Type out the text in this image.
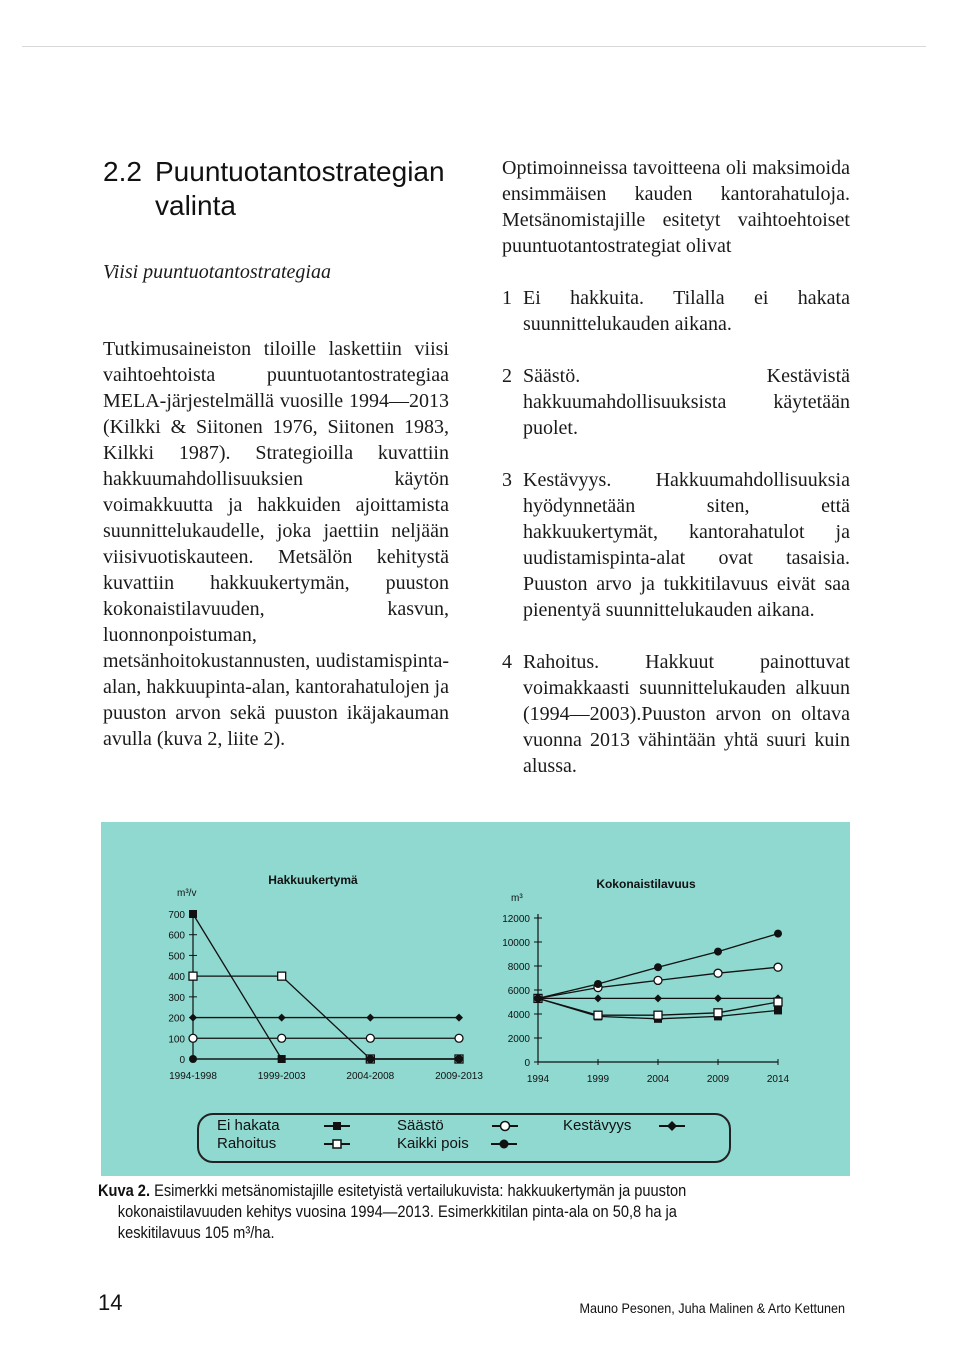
2.2 Puuntuotantostrategian
valinta

Viisi puuntuotantostrategiaa

Tutkimusaineiston tiloille laskettiin viisi vaihtoehtoista puuntuotantostrategiaa MELA-järjestelmällä vuosille 1994—2013 (Kilkki & Siitonen 1976, Siitonen 1983, Kilkki 1987). Strategioilla kuvattiin hakkuumahdollisuuksien käytön voimakkuutta ja hakkuiden ajoittamista suunnittelukaudelle, joka jaettiin neljään viisivuotiskauteen. Metsälön kehitystä kuvattiin hakkuukertymän, puuston kokonaistilavuuden, kasvun, luonnonpoistuman, metsänhoitokustannusten, uudistamispinta-alan, hakkuupinta-alan, kantorahatulojen ja puuston arvon sekä puuston ikäjakauman avulla (kuva 2, liite 2).

Optimoinneissa tavoitteena oli maksimoida ensimmäisen kauden kantorahatuloja. Metsänomistajille esitetyt vaihtoehtoiset puuntuotantostrategiat olivat

1 Ei hakkuita. Tilalla ei hakata suunnittelukauden aikana.
2 Säästö. Kestävistä hakkuumahdollisuuksista käytetään puolet.
3 Kestävyys. Hakkuumahdollisuuksia hyödynnetään siten, että hakkuukertymät, kantorahatulot ja uudistamispinta-alat ovat tasaisia. Puuston arvo ja tukkitilavuus eivät saa pienentyä suunnittelukauden aikana.
4 Rahoitus. Hakkuut painottuvat voimakkaasti suunnittelukauden alkuun (1994—2003).Puuston arvon on oltava vuonna 2013 vähintään yhtä suuri kuin alussa.
Hakkuukertymä
m³/v
0
100
200
300
400
500
600
700
1994-1998	1999-2003	2004-2008	2009-2013
Kokonaistilavuus
m³
0
2000
4000
6000
8000
10000
12000
1994	1999	2004	2009	2014
Ei hakata
Rahoitus
Säästö
Kaikki pois
Kestävyys
Kuva 2. Esimerkki metsänomistajille esitetyistä vertailukuvista: hakkuukertymän ja puuston
kokonaistilavuuden kehitys vuosina 1994—2013. Esimerkkitilan pinta-ala on 50,8 ha ja
keskitilavuus 105 m³/ha.
14	Mauno Pesonen, Juha Malinen & Arto Kettunen
